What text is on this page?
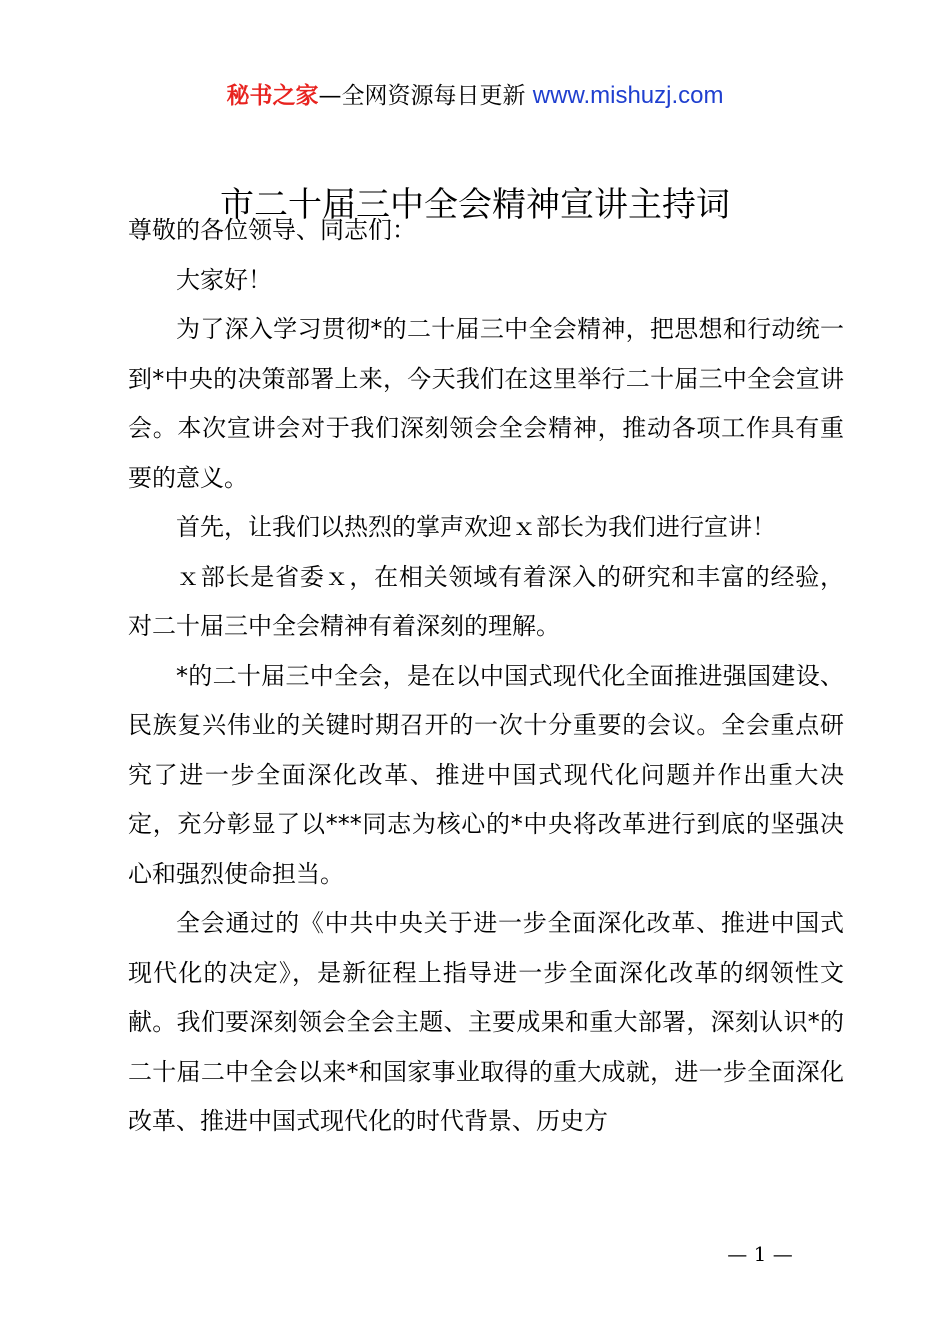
秘书之家—全网资源每日更新 www.mishuzj.com
市二十届三中全会精神宣讲主持词

尊敬的各位领导、同志们：

大家好！

为了深入学习贯彻*的二十届三中全会精神，把思想和行动统一到*中央的决策部署上来，今天我们在这里举行二十届三中全会宣讲会。本次宣讲会对于我们深刻领会全会精神，推动各项工作具有重要的意义。

首先，让我们以热烈的掌声欢迎ｘ部长为我们进行宣讲！

ｘ部长是省委ｘ，在相关领域有着深入的研究和丰富的经验，对二十届三中全会精神有着深刻的理解。

*的二十届三中全会，是在以中国式现代化全面推进强国建设、民族复兴伟业的关键时期召开的一次十分重要的会议。全会重点研究了进一步全面深化改革、推进中国式现代化问题并作出重大决定，充分彰显了以***同志为核心的*中央将改革进行到底的坚强决心和强烈使命担当。

全会通过的《中共中央关于进一步全面深化改革、推进中国式现代化的决定》，是新征程上指导进一步全面深化改革的纲领性文献。我们要深刻领会全会主题、主要成果和重大部署，深刻认识*的二十届二中全会以来*和国家事业取得的重大成就，进一步全面深化改革、推进中国式现代化的时代背景、历史方

— 1 —
